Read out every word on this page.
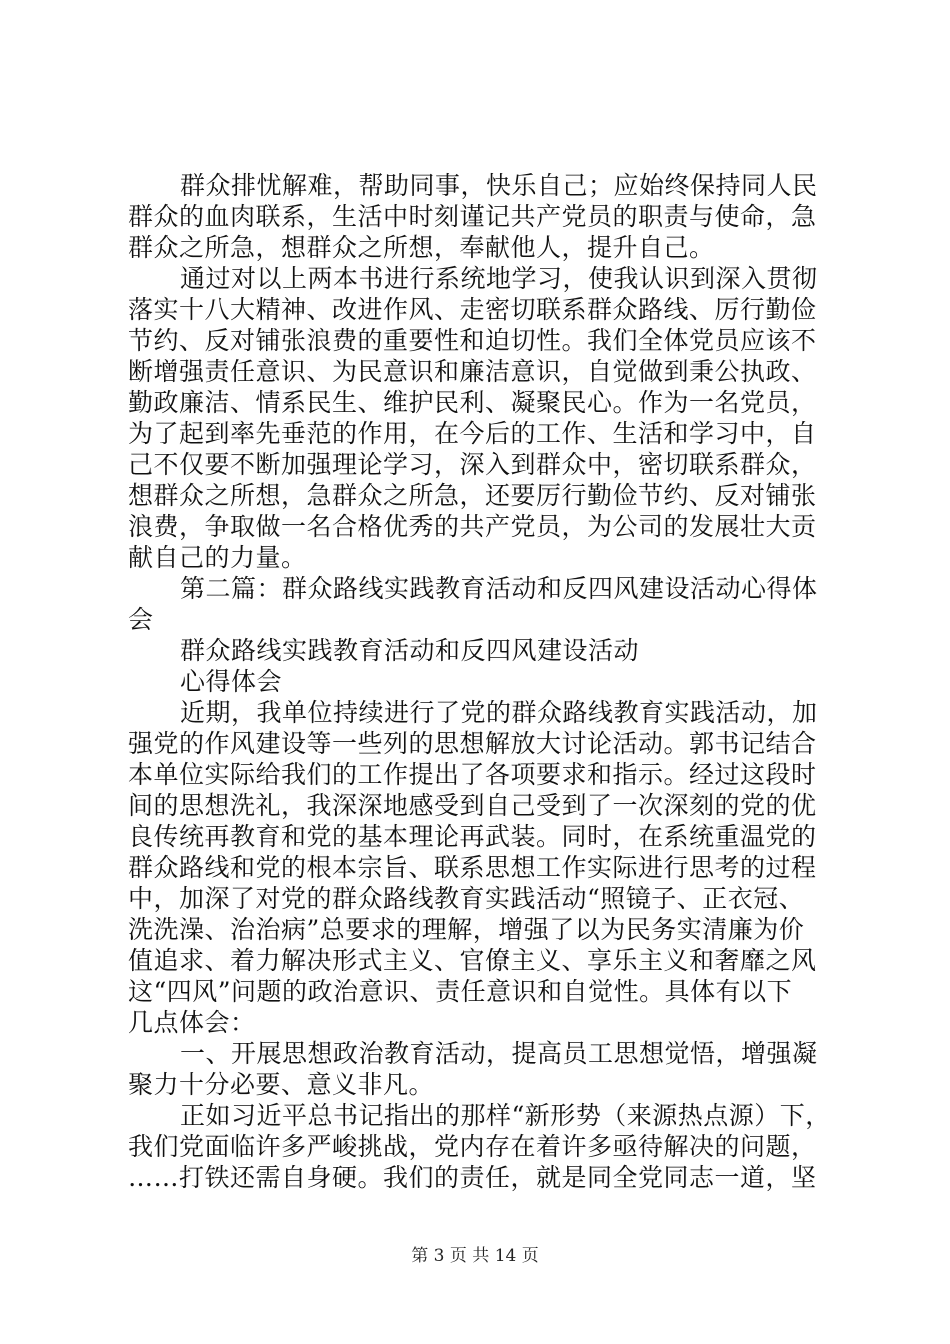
群众排忧解难，帮助同事，快乐自己；应始终保持同人民
群众的血肉联系，生活中时刻谨记共产党员的职责与使命，急
群众之所急，想群众之所想，奉献他人，提升自己。
通过对以上两本书进行系统地学习，使我认识到深入贯彻
落实十八大精神、改进作风、走密切联系群众路线、厉行勤俭
节约、反对铺张浪费的重要性和迫切性。我们全体党员应该不
断增强责任意识、为民意识和廉洁意识，自觉做到秉公执政、
勤政廉洁、情系民生、维护民利、凝聚民心。作为一名党员，
为了起到率先垂范的作用，在今后的工作、生活和学习中，自
己不仅要不断加强理论学习，深入到群众中，密切联系群众，
想群众之所想，急群众之所急，还要厉行勤俭节约、反对铺张
浪费，争取做一名合格优秀的共产党员，为公司的发展壮大贡
献自己的力量。
第二篇：群众路线实践教育活动和反四风建设活动心得体
会
群众路线实践教育活动和反四风建设活动
心得体会
近期，我单位持续进行了党的群众路线教育实践活动，加
强党的作风建设等一些列的思想解放大讨论活动。郭书记结合
本单位实际给我们的工作提出了各项要求和指示。经过这段时
间的思想洗礼，我深深地感受到自己受到了一次深刻的党的优
良传统再教育和党的基本理论再武装。同时，在系统重温党的
群众路线和党的根本宗旨、联系思想工作实际进行思考的过程
中，加深了对党的群众路线教育实践活动“照镜子、正衣冠、
洗洗澡、治治病”总要求的理解，增强了以为民务实清廉为价
值追求、着力解决形式主义、官僚主义、享乐主义和奢靡之风
这“四风”问题的政治意识、责任意识和自觉性。具体有以下
几点体会：
一、开展思想政治教育活动，提高员工思想觉悟，增强凝
聚力十分必要、意义非凡。
正如习近平总书记指出的那样“新形势（来源热点源）下，
我们党面临许多严峻挑战，党内存在着许多亟待解决的问题，
……打铁还需自身硬。我们的责任，就是同全党同志一道，坚
第 3 页 共 14 页
